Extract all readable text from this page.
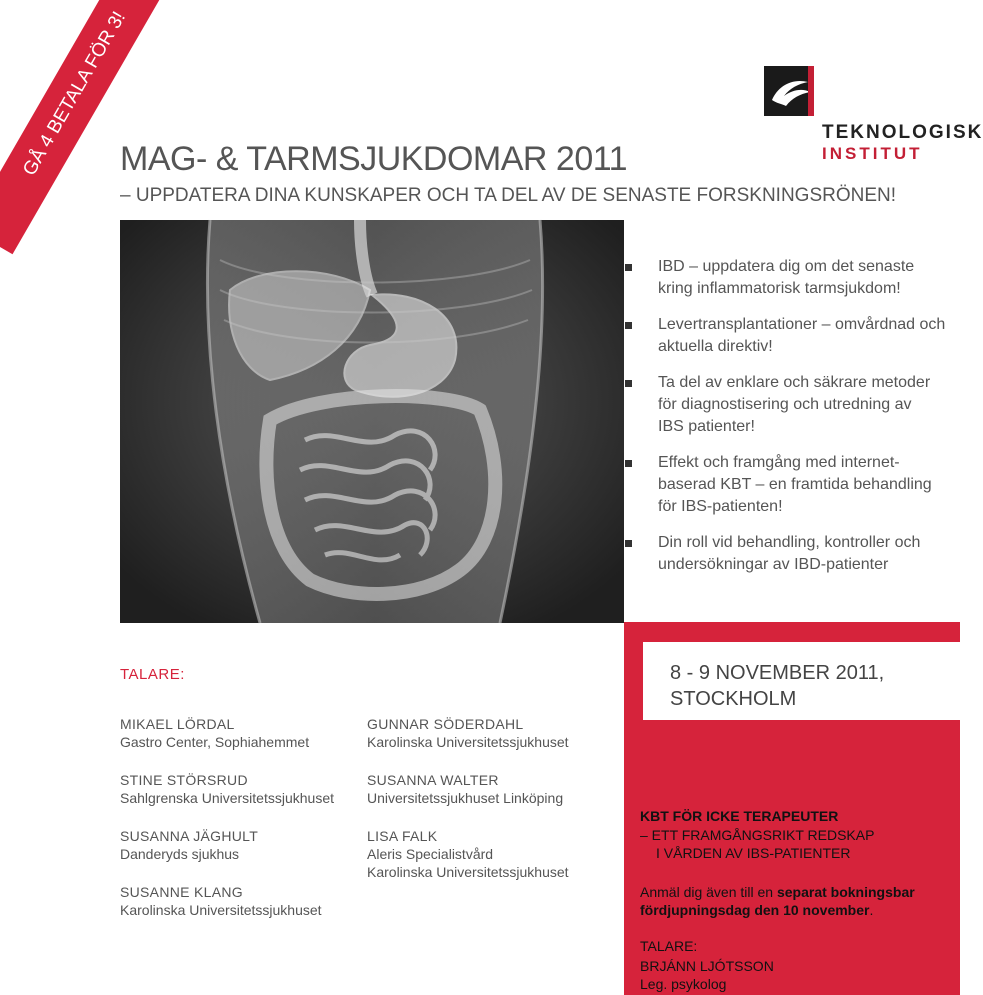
GÅ 4 BETALA FÖR 3!	TEKNOLOGISK
INSTITUT
MAG- & TARMSJUKDOMAR 2011
– UPPDATERA DINA KUNSKAPER OCH TA DEL AV DE SENASTE FORSKNINGSRÖNEN!
IBD – uppdatera dig om det senaste
kring inflammatorisk tarmsjukdom!
Levertransplantationer – omvårdnad och
aktuella direktiv!
Ta del av enklare och säkrare metoder
för diagnostisering och utredning av
IBS patienter!
Effekt och framgång med internet-
baserad KBT – en framtida behandling
för IBS-patienten!
Din roll vid behandling, kontroller och
undersökningar av IBD-patienter
TALARE:
MIKAEL LÖRDAL
Gastro Center, Sophiahemmet
GUNNAR SÖDERDAHL
Karolinska Universitetssjukhuset
STINE STÖRSRUD
Sahlgrenska Universitetssjukhuset
SUSANNA WALTER
Universitetssjukhuset Linköping
SUSANNA JÄGHULT
Danderyds sjukhus
LISA FALK
Aleris Specialistvård
Karolinska Universitetssjukhuset
SUSANNE KLANG
Karolinska Universitetssjukhuset
8 - 9 NOVEMBER 2011,
STOCKHOLM
KBT FÖR ICKE TERAPEUTER
– ETT FRAMGÅNGSRIKT REDSKAP
I VÅRDEN AV IBS-PATIENTER
Anmäl dig även till en separat bokningsbar fördjupningsdag den 10 november.
TALARE:
BRJÁNN LJÓTSSON
Leg. psykolog
